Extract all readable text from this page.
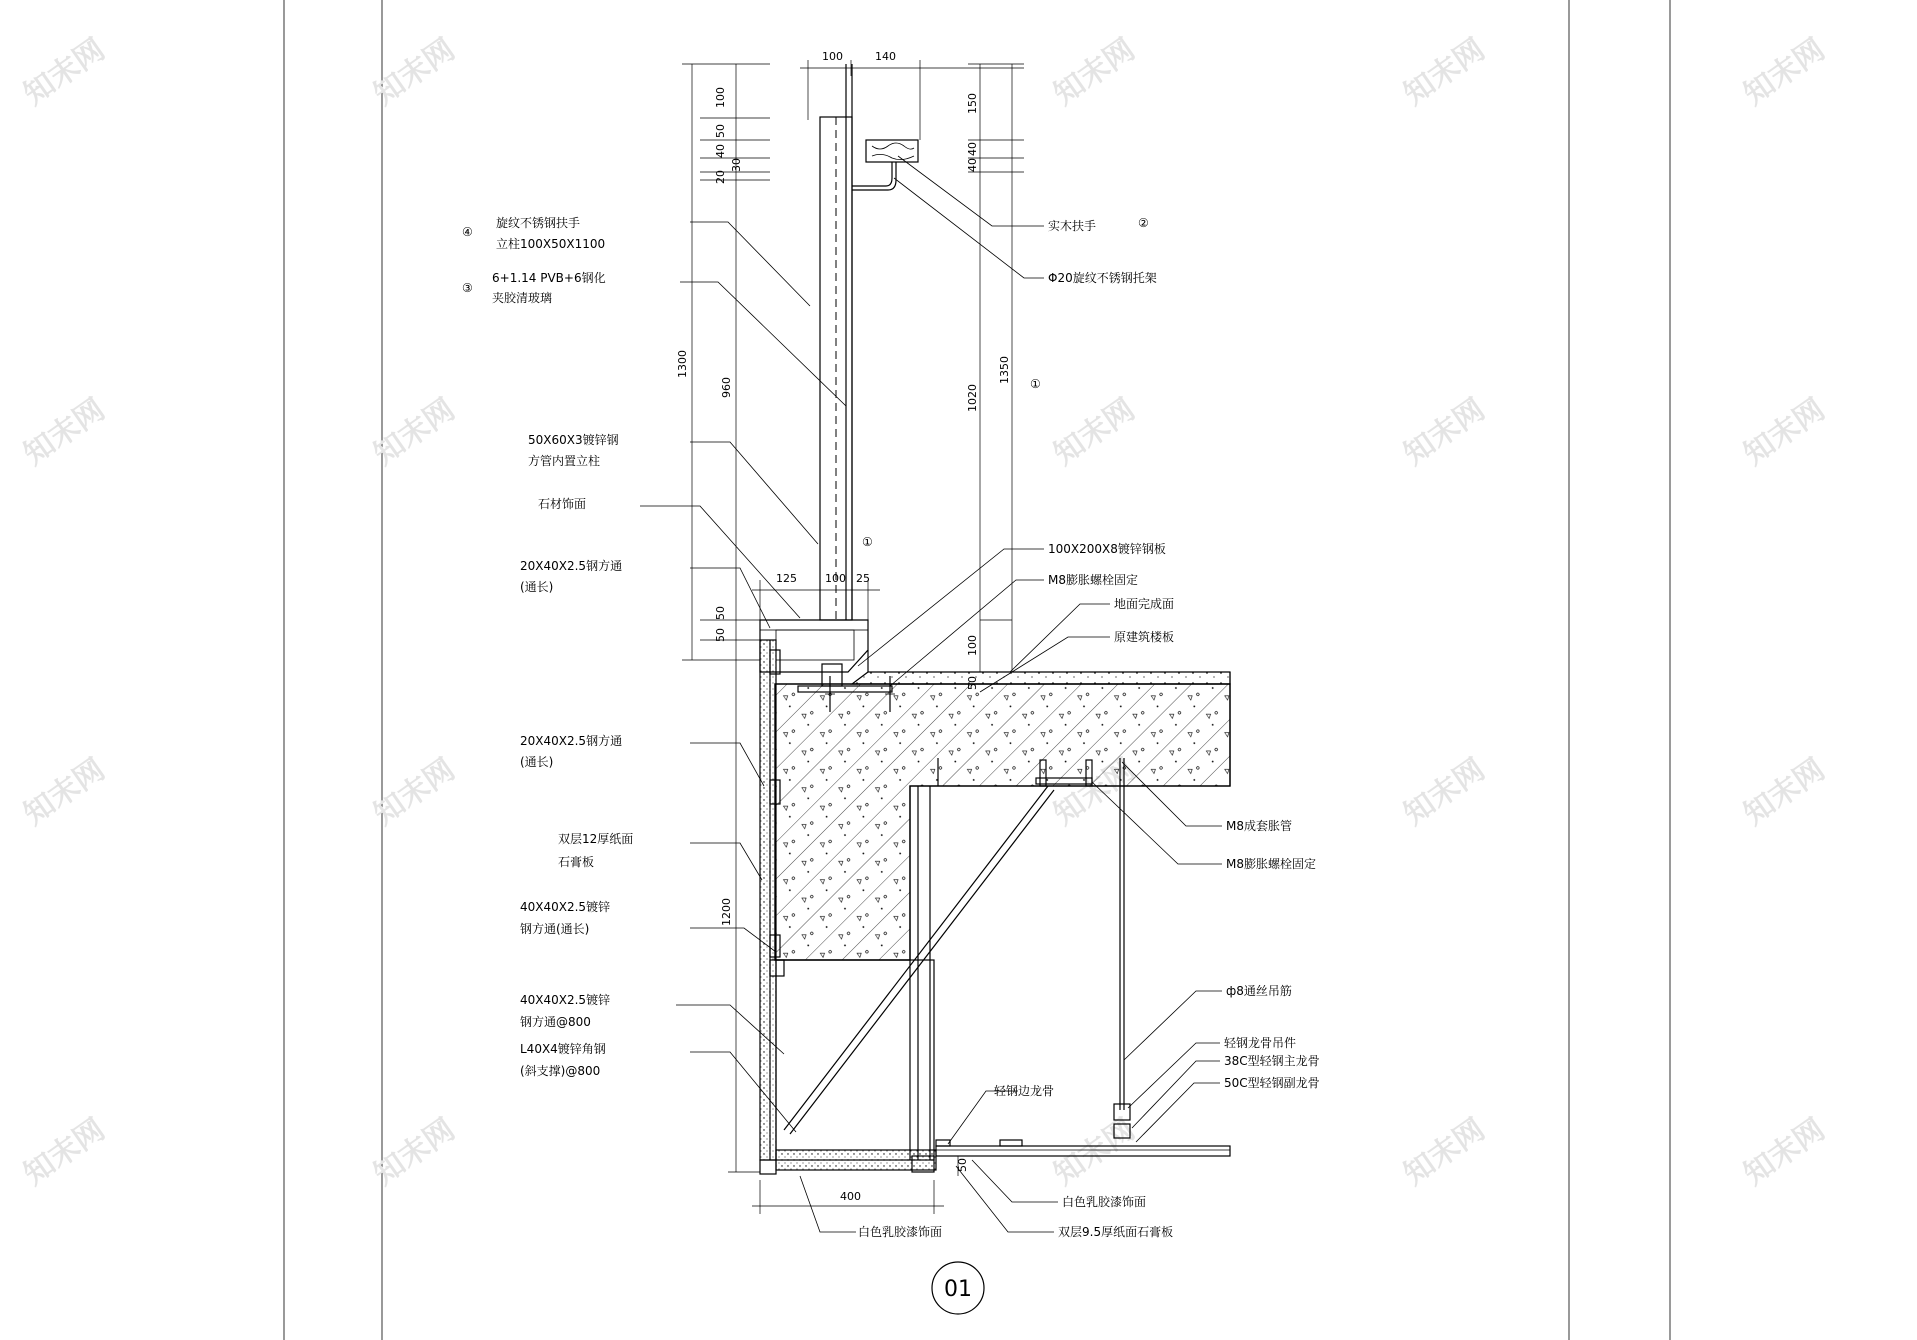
知末网
知末网
知末网
知末网
知末网
知末网
知末网
知末网
知末网
知末网
知末网
知末网
知末网
知末网
知末网
知末网
知末网
知末网
知末网
知末网
④
旋纹不锈钢扶手
立柱100X50X1100
③
6+1.14 PVB+6钢化
夹胶清玻璃
50X60X3镀锌钢
方管内置立柱
石材饰面
20X40X2.5钢方通
(通长)
20X40X2.5钢方通
(通长)
双层12厚纸面
石膏板
40X40X2.5镀锌
钢方通(通长)
40X40X2.5镀锌
钢方通@800
L40X4镀锌角钢
(斜支撑)@800
实木扶手	②
Φ20旋纹不锈钢托架
100X200X8镀锌钢板
M8膨胀螺栓固定
地面完成面
原建筑楼板
M8成套胀管
M8膨胀螺栓固定
ф8通丝吊筋
轻钢龙骨吊件
38C型轻钢主龙骨
50C型轻钢副龙骨
轻钢边龙骨
白色乳胶漆饰面
双层9.5厚纸面石膏板
白色乳胶漆饰面
100	140
100
50
40
30
20
1300
960
150
40
40
1020
1350
125	100 25
50
50
100
50
1200
400
50
①
①
01
